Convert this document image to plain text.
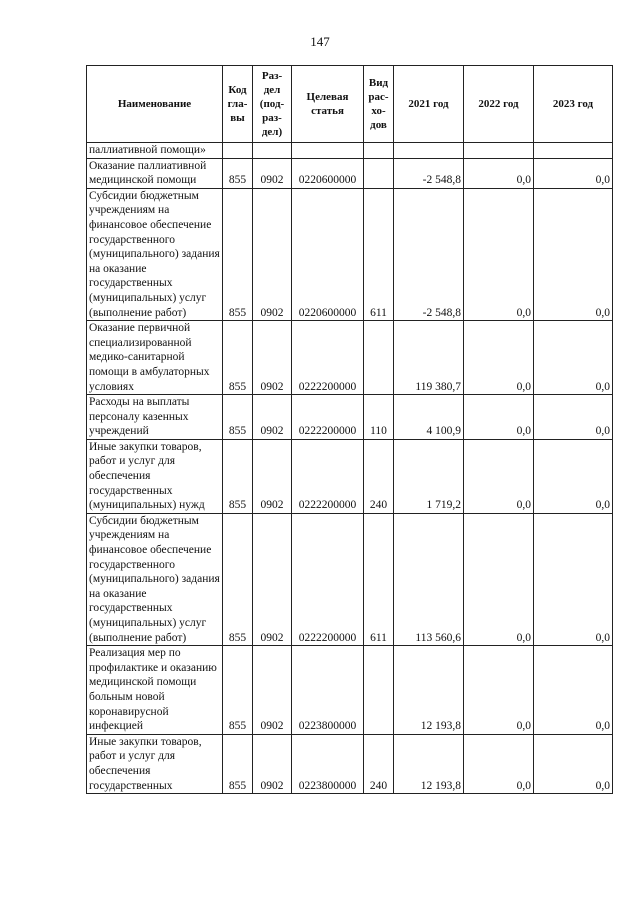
147
Наименование	Код гла- вы	Раз- дел (под- раз- дел)	Целевая статья	Вид рас- хо- дов	2021 год	2022 год	2023 год
паллиативной помощи»							
Оказание паллиативной медицинской помощи	855	0902	0220600000		-2 548,8	0,0	0,0
Субсидии бюджетным учреждениям на финансовое обеспечение государственного (муниципального) задания на оказание государственных (муниципальных) услуг (выполнение работ)	855	0902	0220600000	611	-2 548,8	0,0	0,0
Оказание первичной специализированной медико-санитарной помощи в амбулаторных условиях	855	0902	0222200000		119 380,7	0,0	0,0
Расходы на выплаты персоналу казенных учреждений	855	0902	0222200000	110	4 100,9	0,0	0,0
Иные закупки товаров, работ и услуг для обеспечения государственных (муниципальных) нужд	855	0902	0222200000	240	1 719,2	0,0	0,0
Субсидии бюджетным учреждениям на финансовое обеспечение государственного (муниципального) задания на оказание государственных (муниципальных) услуг (выполнение работ)	855	0902	0222200000	611	113 560,6	0,0	0,0
Реализация мер по профилактике и оказанию медицинской помощи больным новой коронавирусной инфекцией	855	0902	0223800000		12 193,8	0,0	0,0
Иные закупки товаров, работ и услуг для обеспечения государственных	855	0902	0223800000	240	12 193,8	0,0	0,0
